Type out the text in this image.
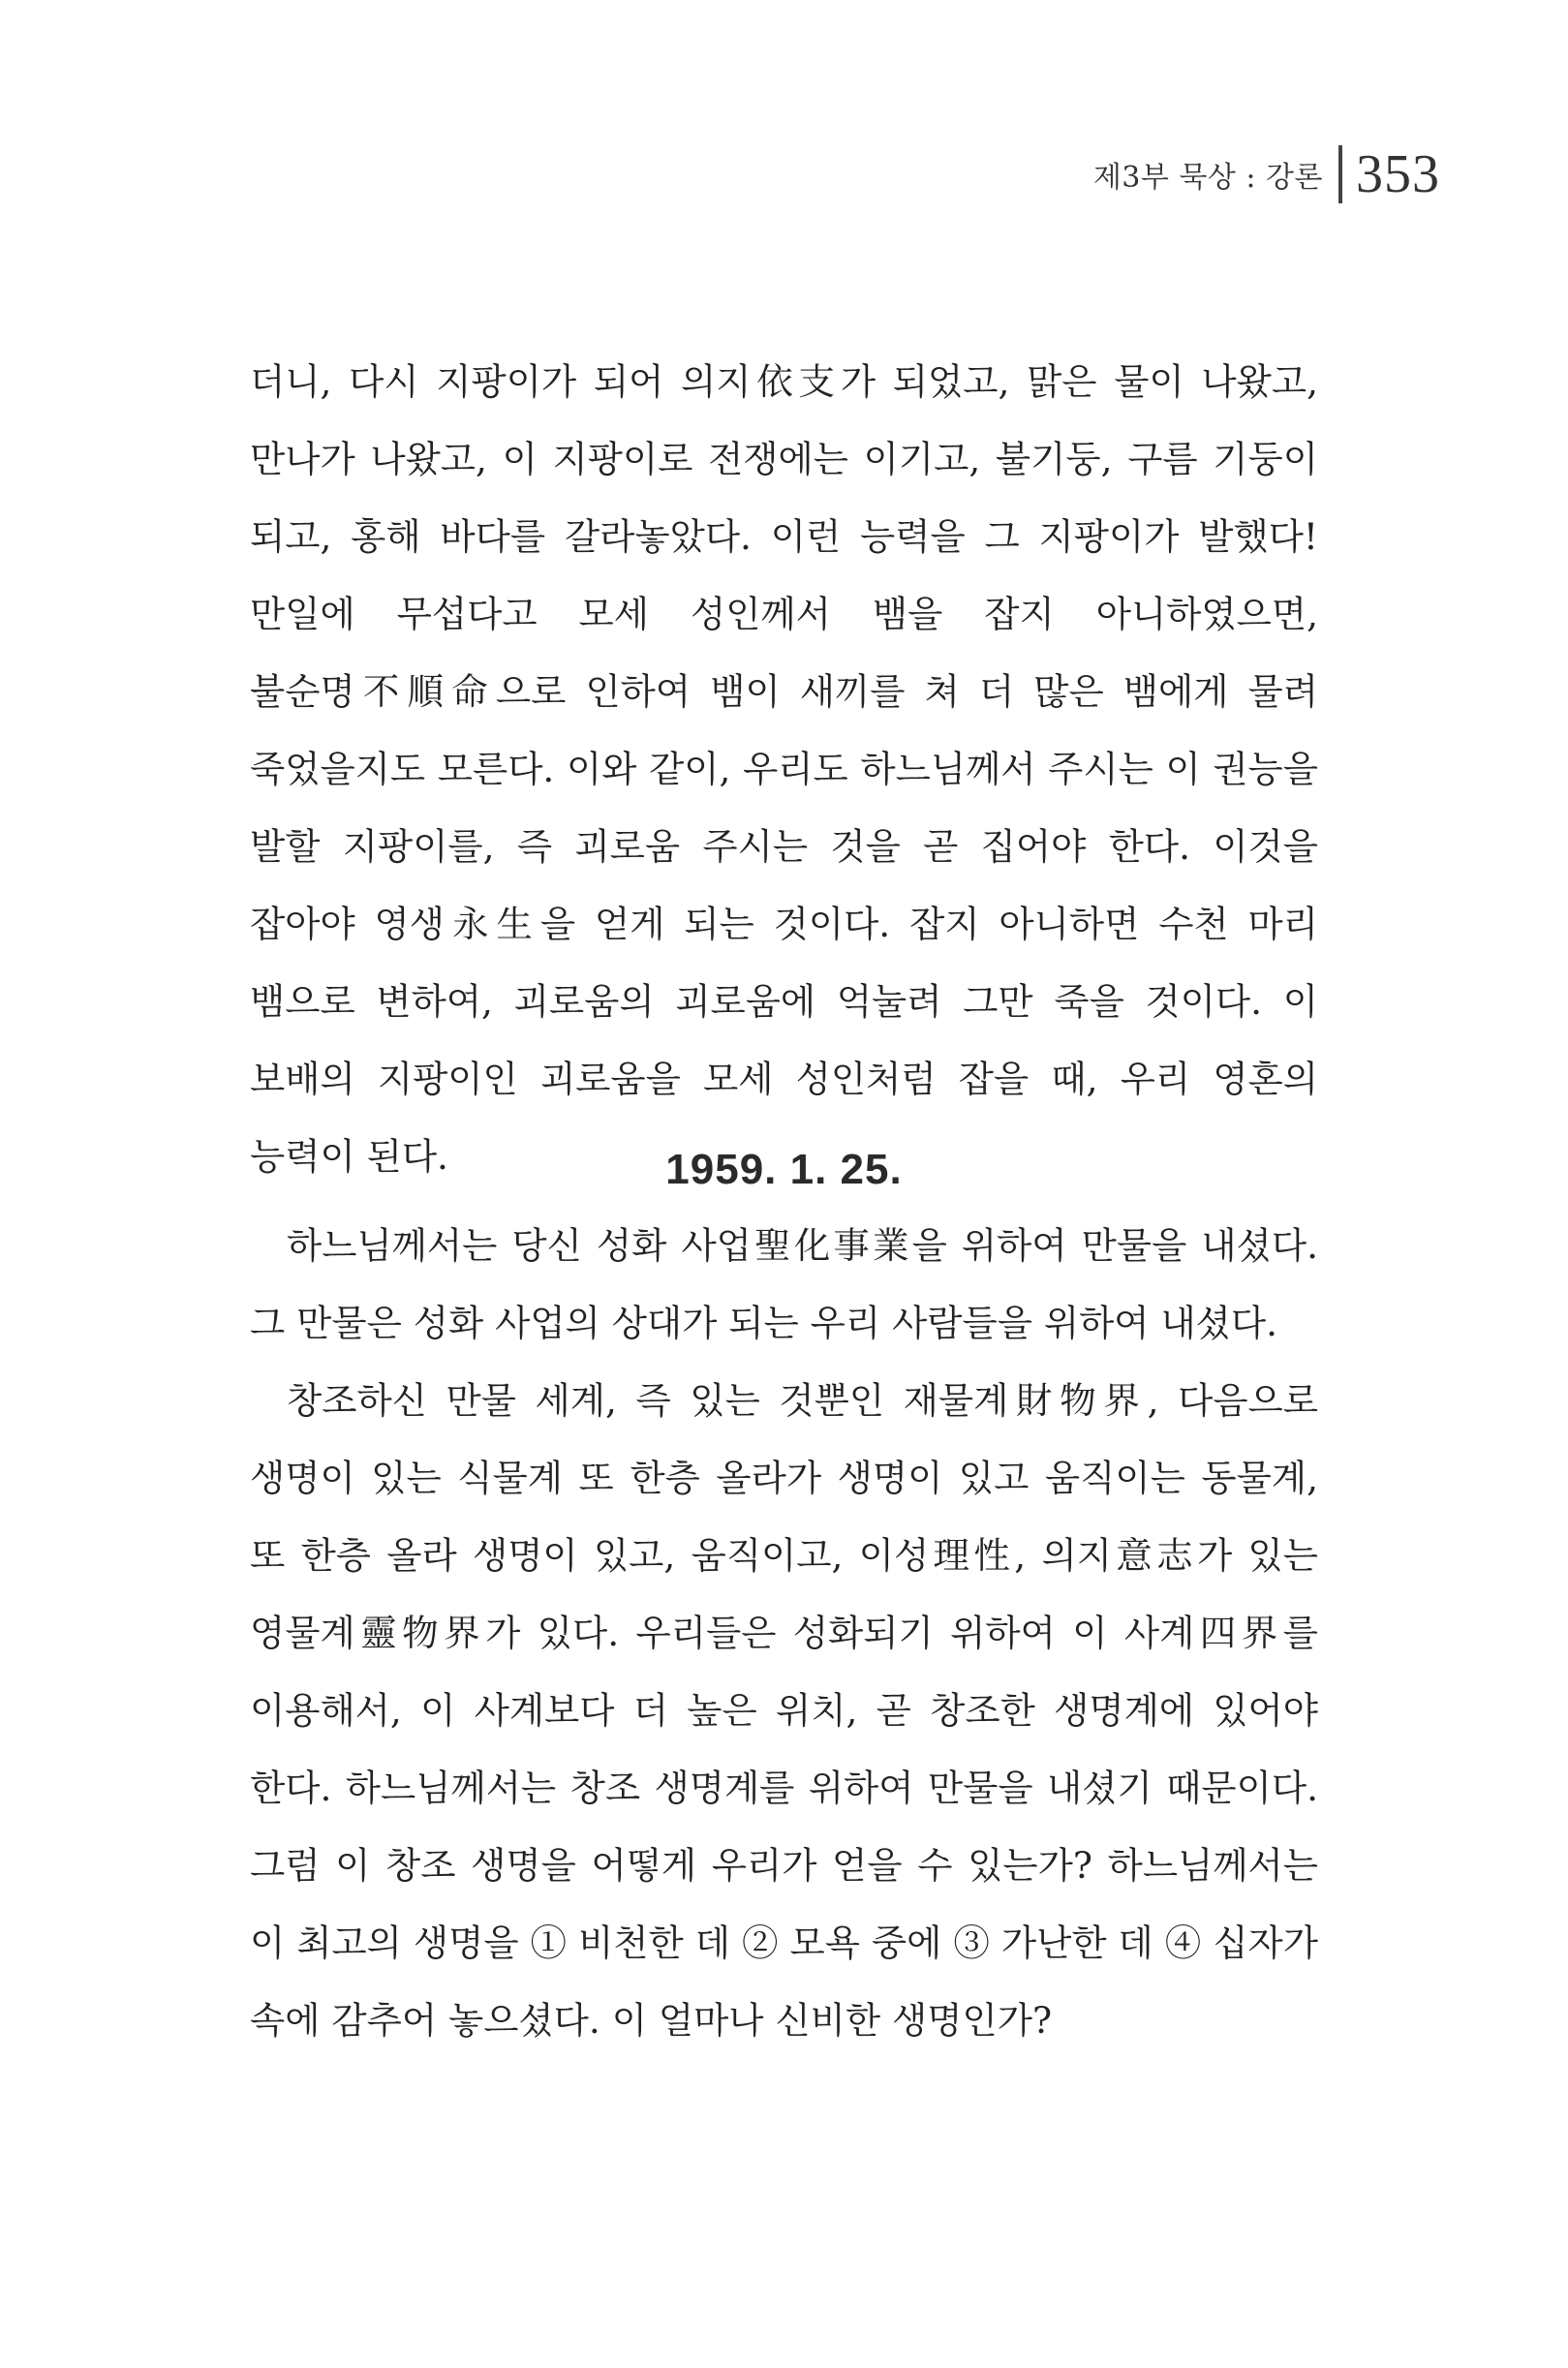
제3부 묵상 : 강론 353

더니, 다시 지팡이가 되어 의지依支가 되었고, 맑은 물이 나왔고, 만나가 나왔고, 이 지팡이로 전쟁에는 이기고, 불기둥, 구름 기둥이 되고, 홍해 바다를 갈라놓았다. 이런 능력을 그 지팡이가 발했다! 만일에 무섭다고 모세 성인께서 뱀을 잡지 아니하였으면, 불순명不順命으로 인하여 뱀이 새끼를 쳐 더 많은 뱀에게 물려 죽었을지도 모른다. 이와 같이, 우리도 하느님께서 주시는 이 권능을 발할 지팡이를, 즉 괴로움 주시는 것을 곧 집어야 한다. 이것을 잡아야 영생永生을 얻게 되는 것이다. 잡지 아니하면 수천 마리 뱀으로 변하여, 괴로움의 괴로움에 억눌려 그만 죽을 것이다. 이 보배의 지팡이인 괴로움을 모세 성인처럼 잡을 때, 우리 영혼의 능력이 된다.	1959. 1. 25.

하느님께서는 당신 성화 사업聖化事業을 위하여 만물을 내셨다. 그 만물은 성화 사업의 상대가 되는 우리 사람들을 위하여 내셨다.

창조하신 만물 세계, 즉 있는 것뿐인 재물계財物界, 다음으로 생명이 있는 식물계 또 한층 올라가 생명이 있고 움직이는 동물계, 또 한층 올라 생명이 있고, 움직이고, 이성理性, 의지意志가 있는 영물계靈物界가 있다. 우리들은 성화되기 위하여 이 사계四界를 이용해서, 이 사계보다 더 높은 위치, 곧 창조한 생명계에 있어야 한다. 하느님께서는 창조 생명계를 위하여 만물을 내셨기 때문이다. 그럼 이 창조 생명을 어떻게 우리가 얻을 수 있는가? 하느님께서는 이 최고의 생명을 ① 비천한 데 ② 모욕 중에 ③ 가난한 데 ④ 십자가 속에 감추어 놓으셨다. 이 얼마나 신비한 생명인가?
